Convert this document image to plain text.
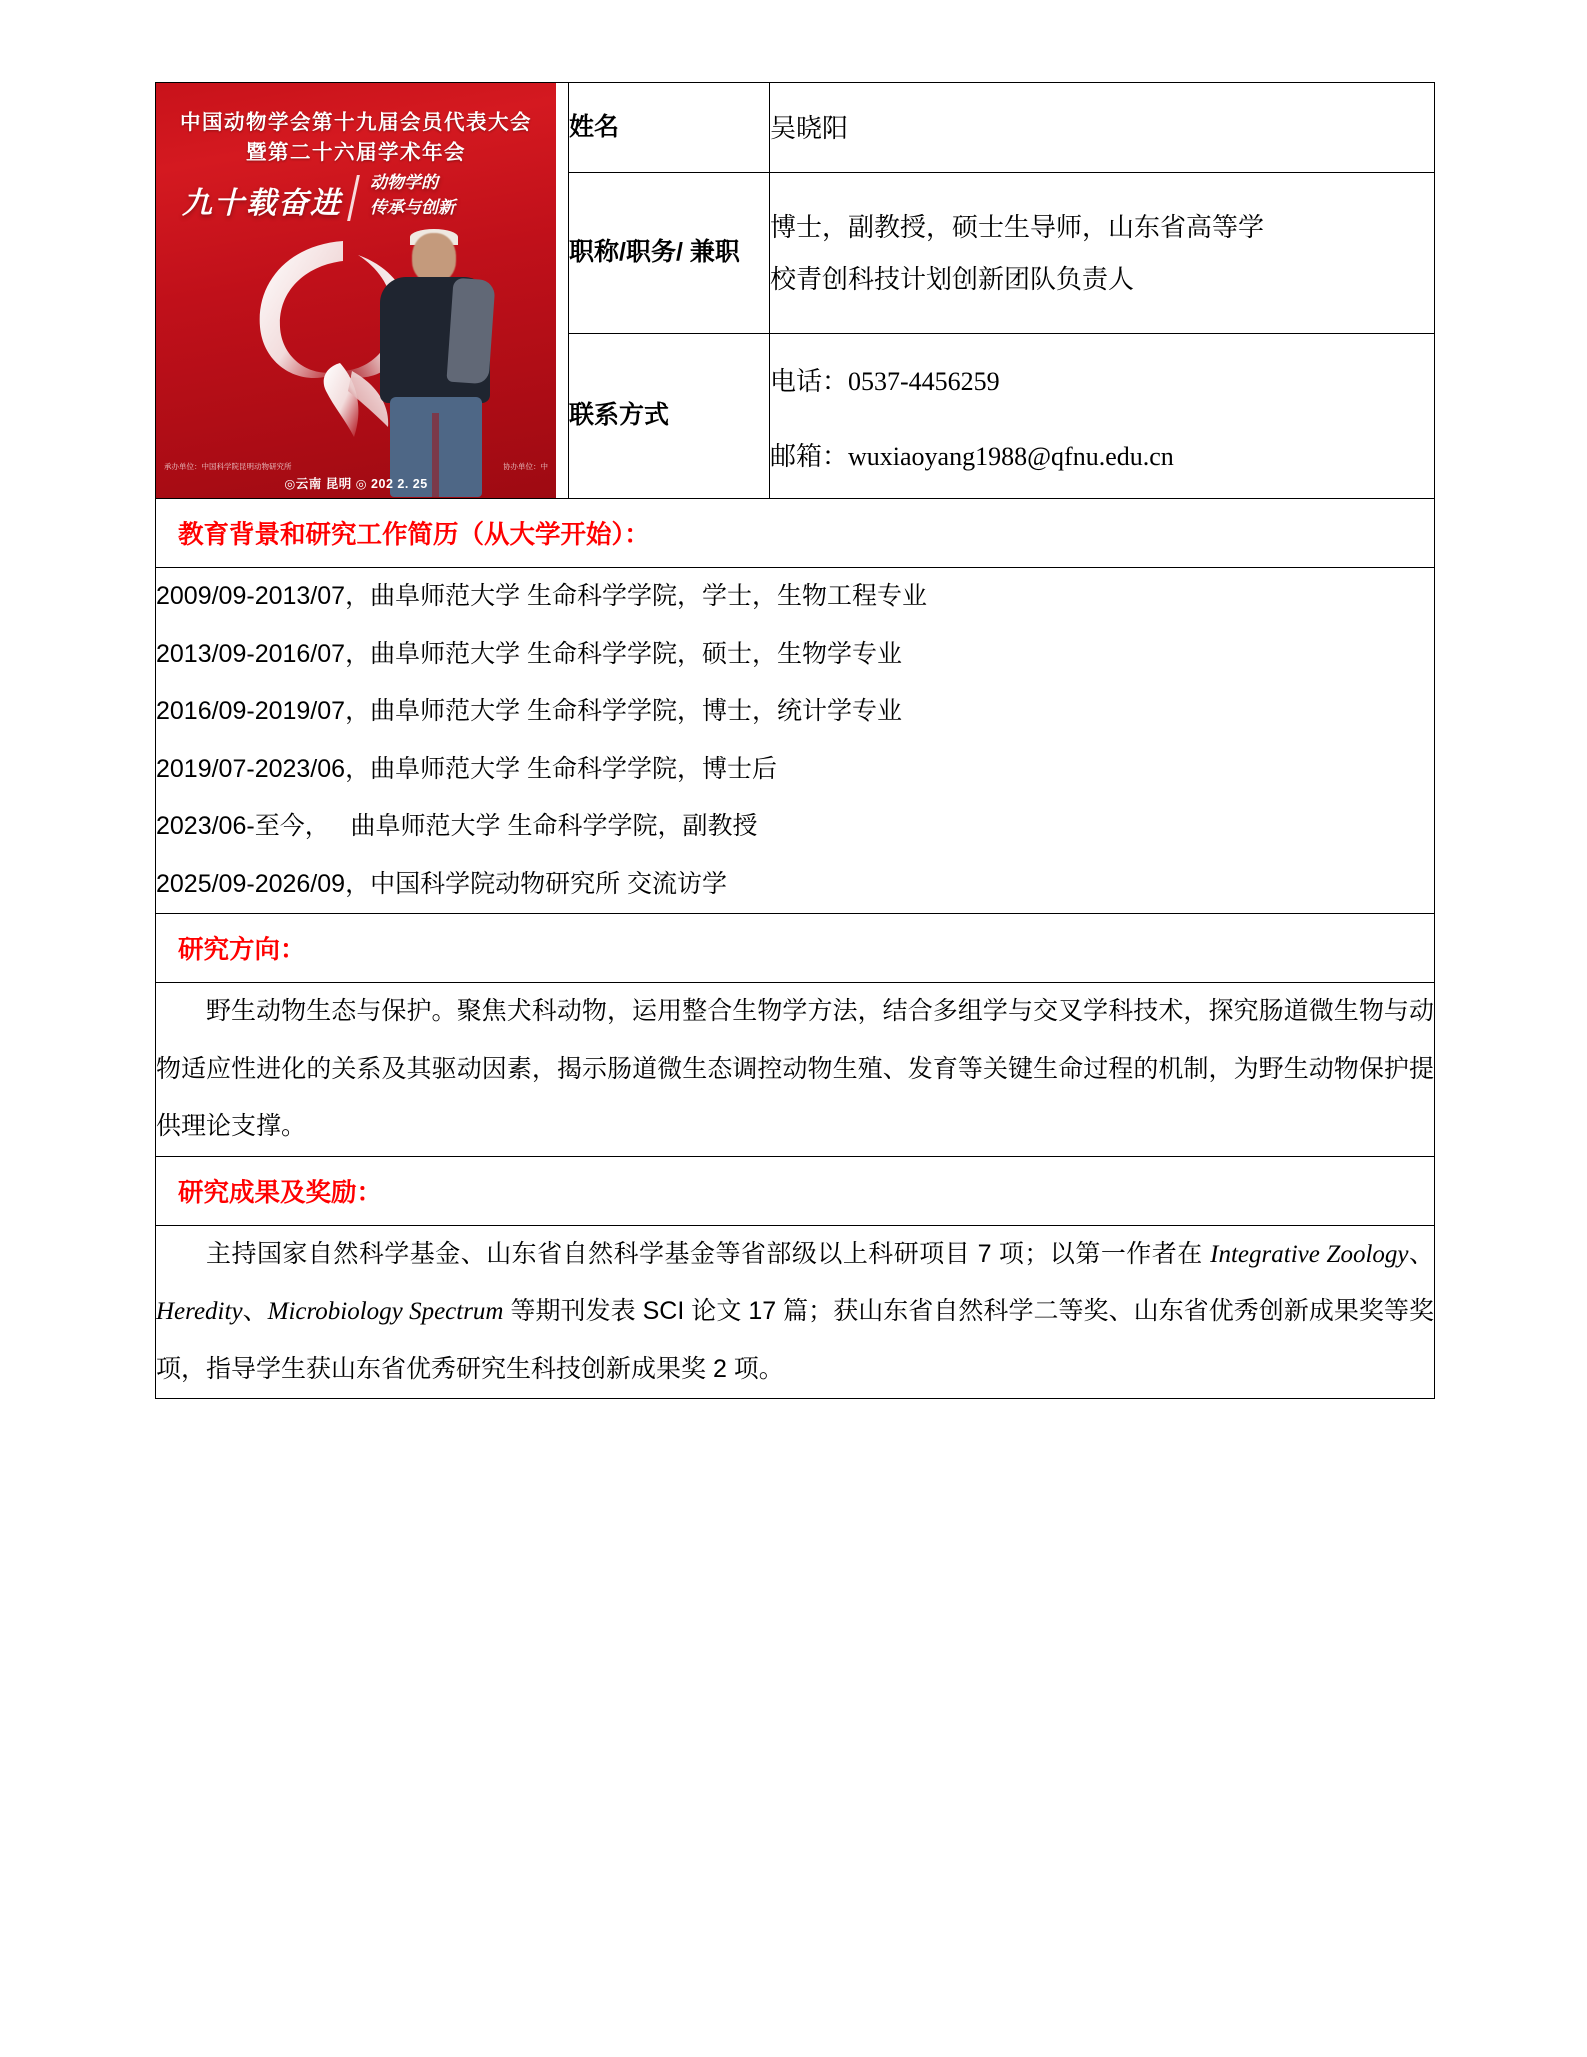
中国动物学会第十九届会员代表大会
暨第二十六届学术年会
九十载奋进
动物学的
传承与创新
承办单位：中国科学院昆明动物研究所	协办单位：中
◎云南 昆明 ◎ 202 2. 25
	姓名	吴晓阳
	职称/职务/ 兼职	博士，副教授，硕士生导师，山东省高等学
校青创科技计划创新团队负责人

	联系方式	电话：0537-4456259
邮箱：wuxiaoyang1988@qfnu.edu.cn

教育背景和研究工作简历（从大学开始）：		

2009/09-2013/07，曲阜师范大学 生命科学学院，学士，生物工程专业
2013/09-2016/07，曲阜师范大学 生命科学学院，硕士，生物学专业
2016/09-2019/07，曲阜师范大学 生命科学学院，博士，统计学专业
2019/07-2023/06，曲阜师范大学 生命科学学院，博士后
2023/06-至今，   曲阜师范大学 生命科学学院，副教授
2025/09-2026/09，中国科学院动物研究所 交流访学

研究方向：		

野生动物生态与保护。聚焦犬科动物，运用整合生物学方法，结合多组学与交叉学科技术，探究肠道微生物与动物适应性进化的关系及其驱动因素，揭示肠道微生态调控动物生殖、发育等关键生命过程的机制，为野生动物保护提供理论支撑。		

研究成果及奖励：		

主持国家自然科学基金、山东省自然科学基金等省部级以上科研项目 7 项；以第一作者在 Integrative Zoology、Heredity、Microbiology Spectrum 等期刊发表 SCI 论文 17 篇；获山东省自然科学二等奖、山东省优秀创新成果奖等奖项，指导学生获山东省优秀研究生科技创新成果奖 2 项。		
